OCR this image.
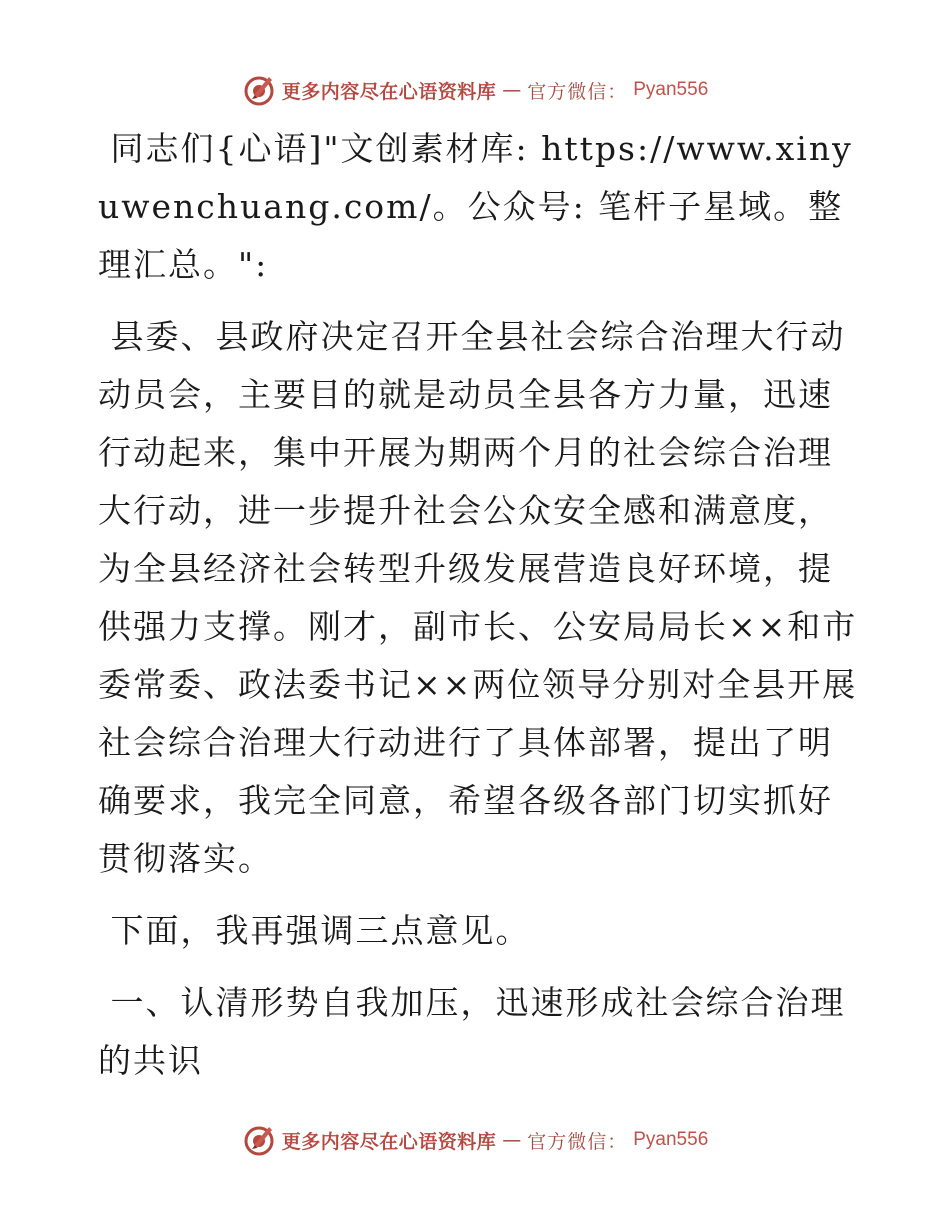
更多内容尽在心语资料库 — 官方微信： Pyan556

同志们{心语]"文创素材库: https://www.xinyuwenchuang.com/。公众号: 笔杆子星域。整理汇总。":

县委、县政府决定召开全县社会综合治理大行动动员会，主要目的就是动员全县各方力量，迅速行动起来，集中开展为期两个月的社会综合治理大行动，进一步提升社会公众安全感和满意度，为全县经济社会转型升级发展营造良好环境，提供强力支撑。刚才，副市长、公安局局长××和市委常委、政法委书记××两位领导分别对全县开展社会综合治理大行动进行了具体部署，提出了明确要求，我完全同意，希望各级各部门切实抓好贯彻落实。

下面，我再强调三点意见。

一、认清形势自我加压，迅速形成社会综合治理的共识

更多内容尽在心语资料库 — 官方微信： Pyan556
